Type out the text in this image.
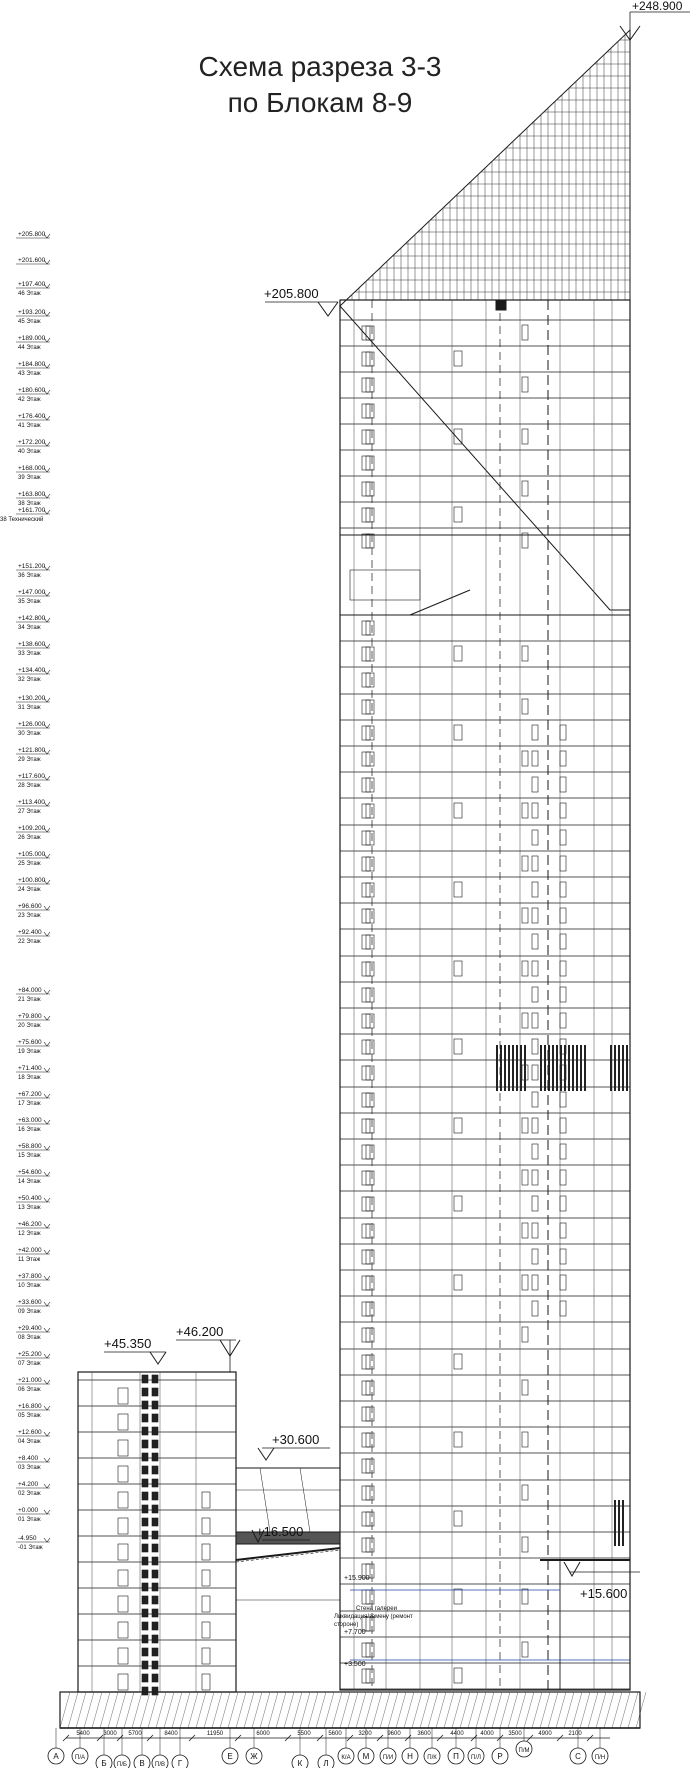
Схема разреза 3-3
по Блокам 8-9
5400 3000 5700	8400	11950	6000	5500	5600	3200	9600	3600	4400	4000 3500	4900	2100
А	П/А
Б П/Б В П/В Г
Е Ж
К	Л
К/А М П/И Н П/К П П/Л Р
П/М
С П/Н
+205.800
+201.600
+197.400
46 Этаж
+193.200
45 Этаж
+189.000
44 Этаж
+184.800
43 Этаж
+180.600
42 Этаж
+176.400
41 Этаж
+172.200
40 Этаж
+168.000
39 Этаж
+163.800
38 Этаж
+161.700
38 Технический
+151.200
36 Этаж
+147.000
35 Этаж
+142.800
34 Этаж
+138.600
33 Этаж
+134.400
32 Этаж
+130.200
31 Этаж
+126.000
30 Этаж
+121.800
29 Этаж
+117.600
28 Этаж
+113.400
27 Этаж
+109.200
26 Этаж
+105.000
25 Этаж
+100.800
24 Этаж
+96.600
23 Этаж
+92.400
22 Этаж
+84.000
21 Этаж
+79.800
20 Этаж
+75.600
19 Этаж
+71.400
18 Этаж
+67.200
17 Этаж
+63.000
16 Этаж
+58.800
15 Этаж
+54.600
14 Этаж
+50.400
13 Этаж
+46.200
12 Этаж
+42.000
11 Этаж
+37.800
10 Этаж
+33.600
09 Этаж
+29.400
08 Этаж
+25.200
07 Этаж
+21.000
06 Этаж
+16.800
05 Этаж
+12.600
04 Этаж
+8.400
03 Этаж
+4.200
02 Этаж
+0.000
01 Этаж
-4.950
-01 Этаж
+248.900
+205.800
+45.350
+46.200
+30.600
+16.500
+15.600
+15.900
+7.700
+3.500
Стена галереи
Ликвидация/замену (ремонт
стороне)
